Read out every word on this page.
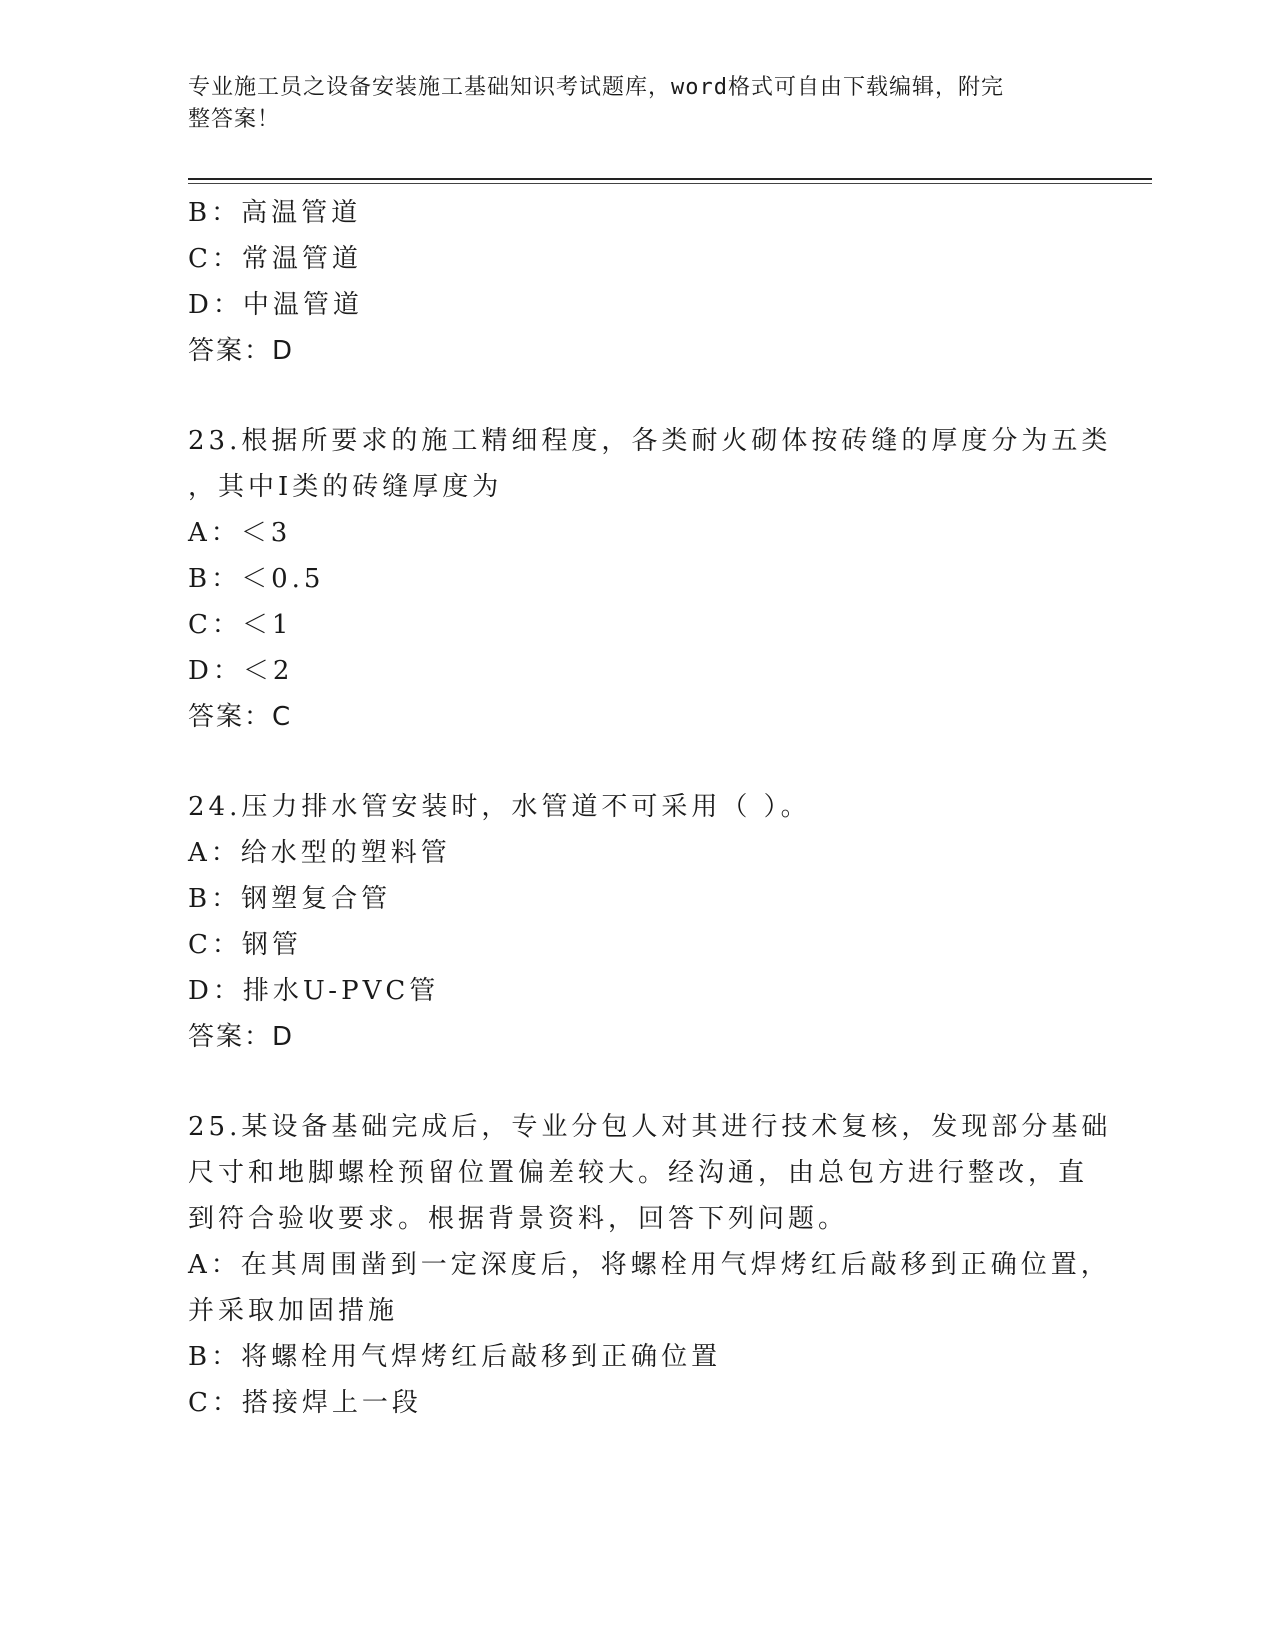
专业施工员之设备安装施工基础知识考试题库，word格式可自由下载编辑，附完
整答案！
B：高温管道
C：常温管道
D：中温管道
答案：D
23.根据所要求的施工精细程度，各类耐火砌体按砖缝的厚度分为五类
，其中Ⅰ类的砖缝厚度为
A：＜3
B：＜0.5
C：＜1
D：＜2
答案：C
24.压力排水管安装时，水管道不可采用（ ）。
A：给水型的塑料管
B：钢塑复合管
C：钢管
D：排水U-PVC管
答案：D
25.某设备基础完成后，专业分包人对其进行技术复核，发现部分基础
尺寸和地脚螺栓预留位置偏差较大。经沟通，由总包方进行整改，直
到符合验收要求。根据背景资料，回答下列问题。
A：在其周围凿到一定深度后，将螺栓用气焊烤红后敲移到正确位置，
并采取加固措施
B：将螺栓用气焊烤红后敲移到正确位置
C：搭接焊上一段
